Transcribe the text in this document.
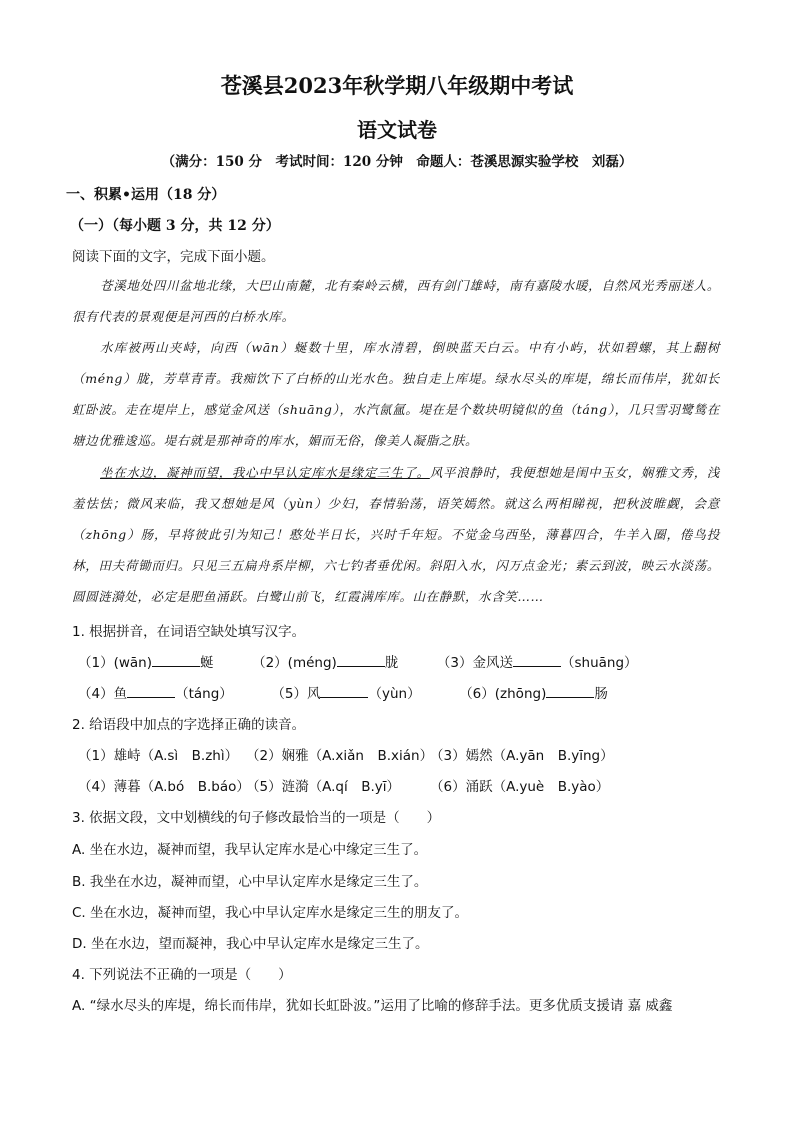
苍溪县2023年秋学期八年级期中考试
语文试卷
（满分：150 分　考试时间：120 分钟　命题人：苍溪思源实验学校　刘磊）
一、积累•运用（18 分）
（一）（每小题 3 分，共 12 分）
阅读下面的文字，完成下面小题。

苍溪地处四川盆地北缘，大巴山南麓，北有秦岭云横，西有剑门雄峙，南有嘉陵水暖，自然风光秀丽迷人。很有代表的景观便是河西的白桥水库。

水库被两山夹峙，向西（wān）蜒数十里，库水清碧，倒映蓝天白云。中有小屿，状如碧螺，其上翻树（méng）胧，芳草青青。我痴饮下了白桥的山光水色。独自走上库堤。绿水尽头的库堤，绵长而伟岸，犹如长虹卧波。走在堤岸上，感觉金风送（shuāng），水汽氤氲。堤在是个数块明镜似的鱼（táng），几只雪羽鹭鸶在塘边优雅逡巡。堤右就是那神奇的库水，媚而无俗，像美人凝脂之肤。

坐在水边，凝神而望，我心中早认定库水是缘定三生了。风平浪静时，我便想她是闺中玉女，娴雅文秀，浅羞怯怯；微风来临，我又想她是风（yùn）少妇，春情骀荡，语笑嫣然。就这么两相睇视，把秋波睢觑，会意（zhōng）肠，早将彼此引为知己！憨处半日长，兴时千年短。不觉金乌西坠，薄暮四合，牛羊入圈，倦鸟投林，田夫荷锄而归。只见三五扁舟系岸柳，六七钓者垂优闲。斜阳入水，闪万点金光；素云到波，映云水淡荡。圆圆涟漪处，必定是肥鱼涌跃。白鹭山前飞，红霞满库库。山在静默，水含笑……

1. 根据拼音，在词语空缺处填写汉字。
（1）(wān)	蜒	（2）(méng)	胧	（3）金风送	（shuāng）
（4）鱼	（táng）	（5）风	（yùn）	（6）(zhōng)	肠
2. 给语段中加点的字选择正确的读音。
（1）雄峙（A.sì　B.zhì） （2）娴雅（A.xiǎn　B.xián）（3）嫣然（A.yān　B.yīng）
（4）薄暮（A.bó　B.báo）（5）涟漪（A.qí　B.yī） （6）涌跃（A.yuè　B.yào）
3. 依据文段，文中划横线的句子修改最恰当的一项是（　　）
A. 坐在水边，凝神而望，我早认定库水是心中缘定三生了。
B. 我坐在水边，凝神而望，心中早认定库水是缘定三生了。
C. 坐在水边，凝神而望，我心中早认定库水是缘定三生的朋友了。
D. 坐在水边，望而凝神，我心中早认定库水是缘定三生了。
4. 下列说法不正确的一项是（　　）
A. “绿水尽头的库堤，绵长而伟岸，犹如长虹卧波。”运用了比喻的修辞手法。更多优质支援请 嘉 威鑫
